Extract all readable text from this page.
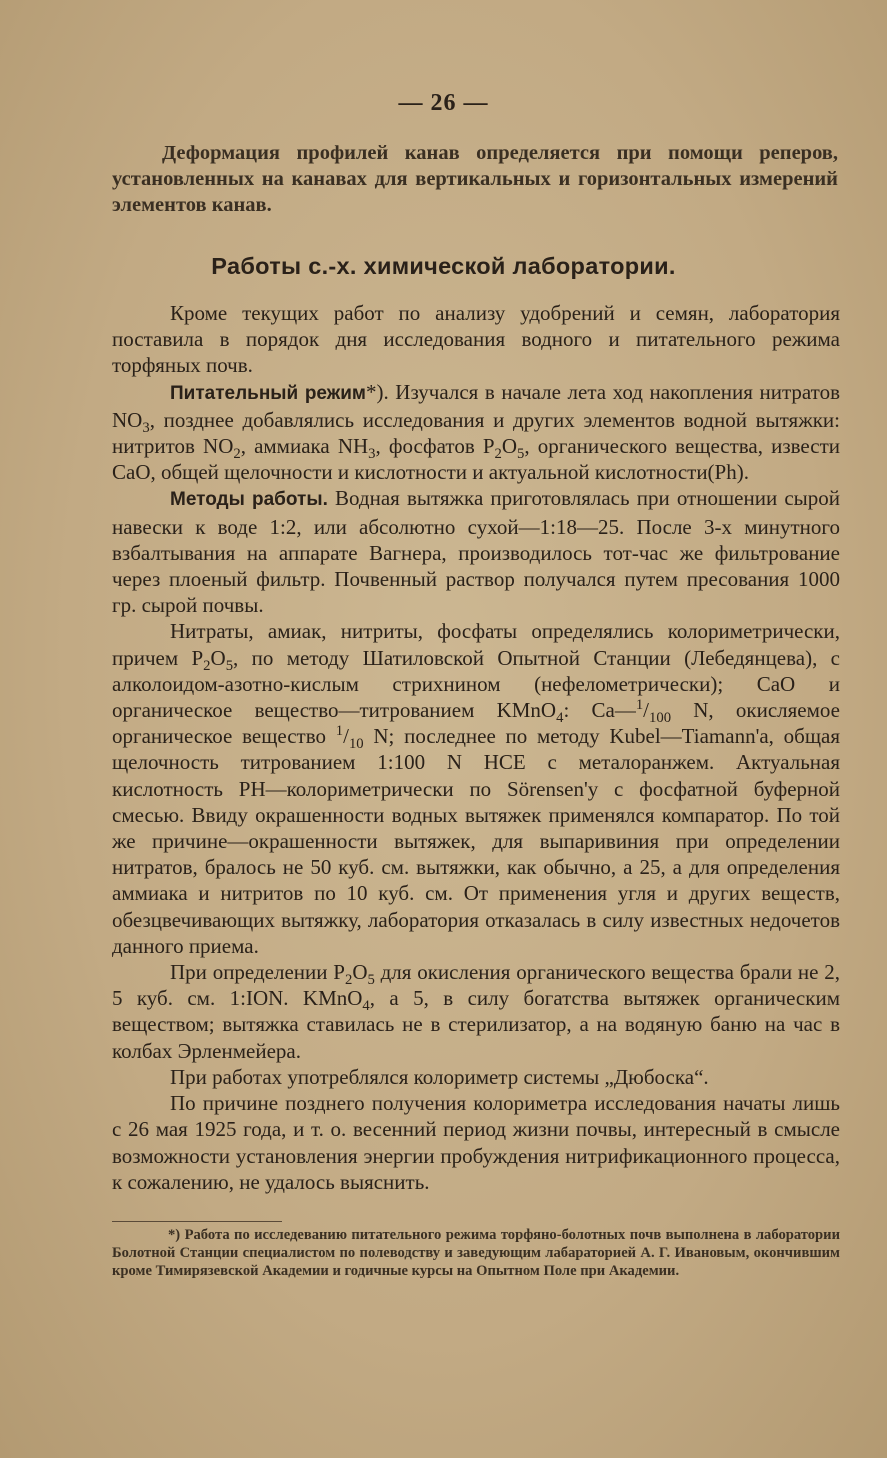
— 26 —
Деформация профилей канав определяется при помощи реперов, установленных на канавах для вертикальных и горизонтальных измерений элементов канав.
Работы с.-х. химической лаборатории.

Кроме текущих работ по анализу удобрений и семян, лаборатория поставила в порядок дня исследования водного и питательного режима торфяных почв.

Питательный режим*). Изучался в начале лета ход накопления нитратов $NO_3$, позднее добавлялись исследования и других элементов водной вытяжки: нитритов $NO_2$, аммиака $NH_3$, фосфатов $P_2O_5$, органического вещества, извести CaO, общей щелочности и кислотности и актуальной кислотности(Ph).

Методы работы. Водная вытяжка приготовлялась при отношении сырой навески к воде 1:2, или абсолютно сухой—1:18—25. После 3-х минутного взбалтывания на аппарате Вагнера, производилось тот-час же фильтрование через плоеный фильтр. Почвенный раствор получался путем пресования 1000 гр. сырой почвы.

Нитраты, амиак, нитриты, фосфаты определялись колориметрически, причем $P_2O_5$, по методу Шатиловской Опытной Станции (Лебедянцева), с алколоидом-азотно-кислым стрихнином (нефелометрически); CaO и органическое вещество—титрованием KMnO$_4$: $Ca—^1/_{100}$ N, окисляемое органическое вещество $^1/_{10}$ N; последнее по методу Kubel—Tiamann'a, общая щелочность титрованием 1:100 N HCE с металоранжем. Актуальная кислотность PH—колориметрически по Sörensen'у с фосфатной буферной смесью. Ввиду окрашенности водных вытяжек применялся компаратор. По той же причине—окрашенности вытяжек, для выпаривиния при определении нитратов, бралось не 50 куб. см. вытяжки, как обычно, а 25, а для определения аммиака и нитритов по 10 куб. см. От применения угля и других веществ, обезцвечивающих вытяжку, лаборатория отказалась в силу известных недочетов данного приема.

При определении $P_2O_5$ для окисления органического вещества брали не 2, 5 куб. см. 1:ION. KMnO$_4$, а 5, в силу богатства вытяжек органическим веществом; вытяжка ставилась не в стерилизатор, а на водяную баню на час в колбах Эрленмейера.

При работах употреблялся колориметр системы „Дюбоска“.

По причине позднего получения колориметра исследования начаты лишь с 26 мая 1925 года, и т. о. весенний период жизни почвы, интересный в смысле возможности установления энергии пробуждения нитрификационного процесса, к сожалению, не удалось выяснить.

*) Работа по исследеванию питательного режима торфяно-болотных почв выполнена в лаборатории Болотной Станции специалистом по полеводству и заведующим лабараторией А. Г. Ивановым, окончившим кроме Тимирязевской Академии и годичные курсы на Опытном Поле при Академии.
